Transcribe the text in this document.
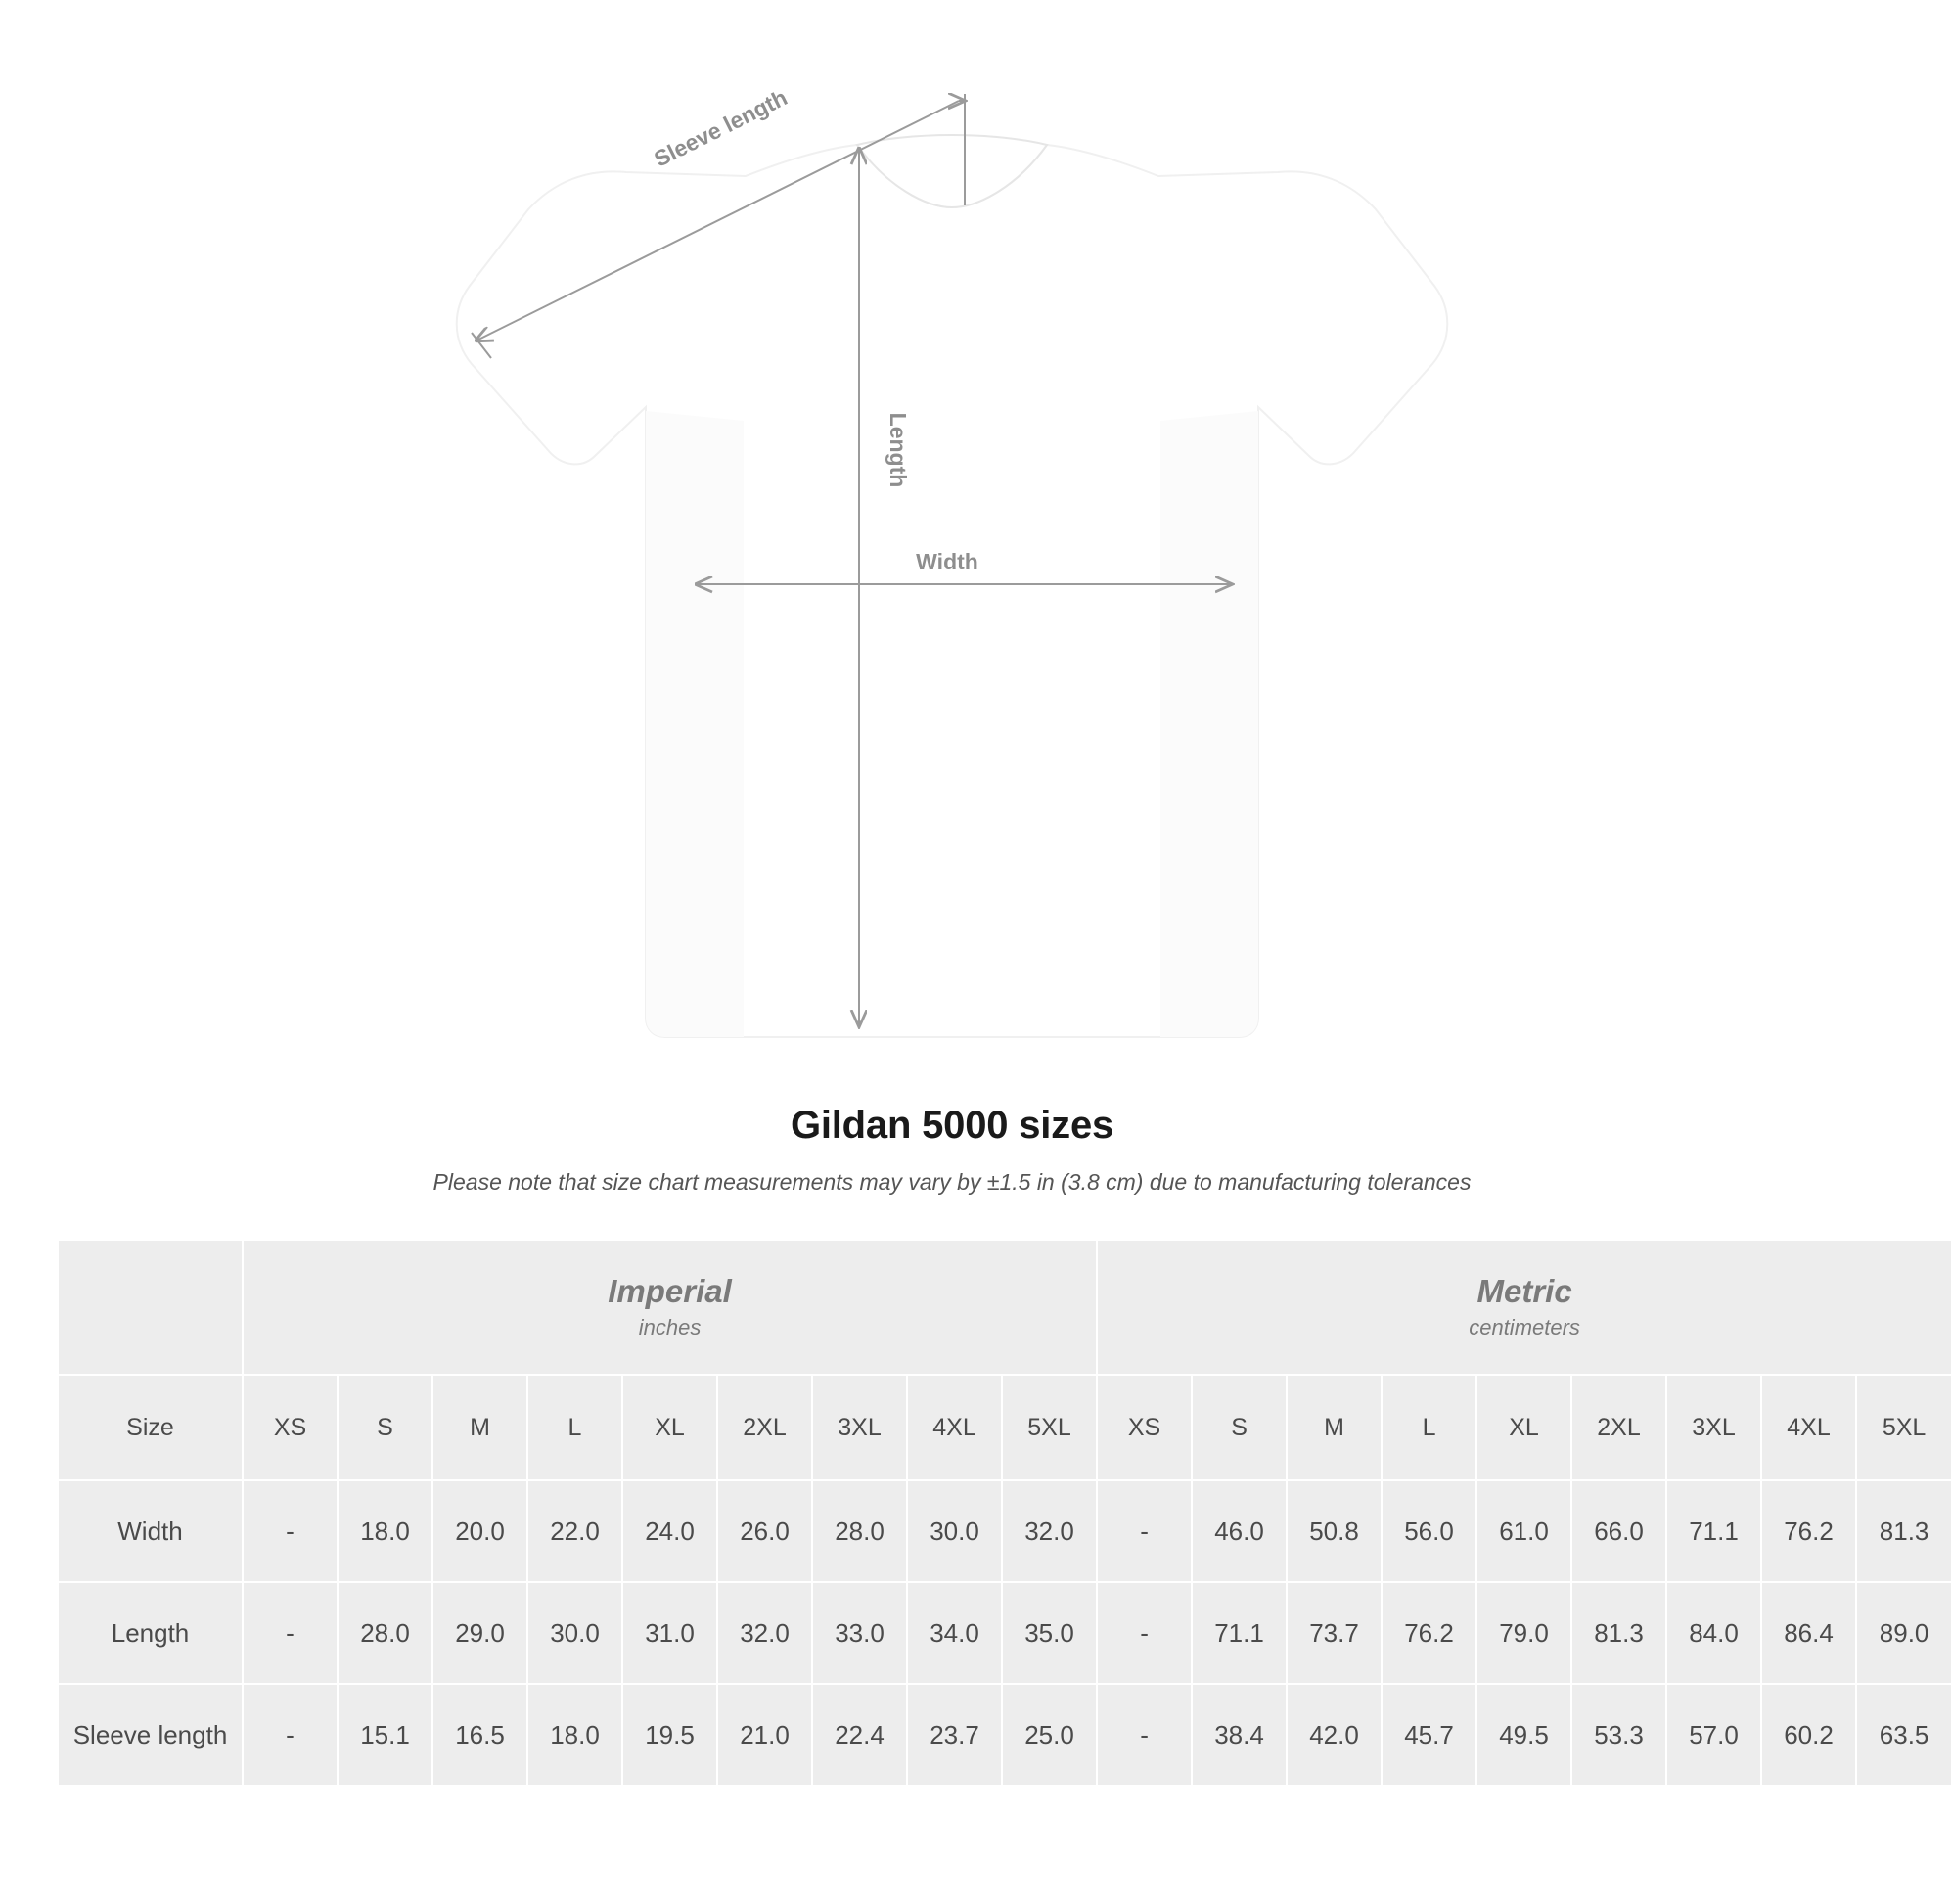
Length
Width
Sleeve length
Gildan 5000 sizes

Please note that size chart measurements may vary by ±1.5 in (3.8 cm) due to manufacturing tolerances

	Imperial
inches									Metric
centimeters								

Size	XS	S	M	L	XL	2XL	3XL	4XL	5XL	XS	S	M	L	XL	2XL	3XL	4XL	5XL
Width	-	18.0	20.0	22.0	24.0	26.0	28.0	30.0	32.0	-	46.0	50.8	56.0	61.0	66.0	71.1	76.2	81.3
Length	-	28.0	29.0	30.0	31.0	32.0	33.0	34.0	35.0	-	71.1	73.7	76.2	79.0	81.3	84.0	86.4	89.0
Sleeve length	-	15.1	16.5	18.0	19.5	21.0	22.4	23.7	25.0	-	38.4	42.0	45.7	49.5	53.3	57.0	60.2	63.5
